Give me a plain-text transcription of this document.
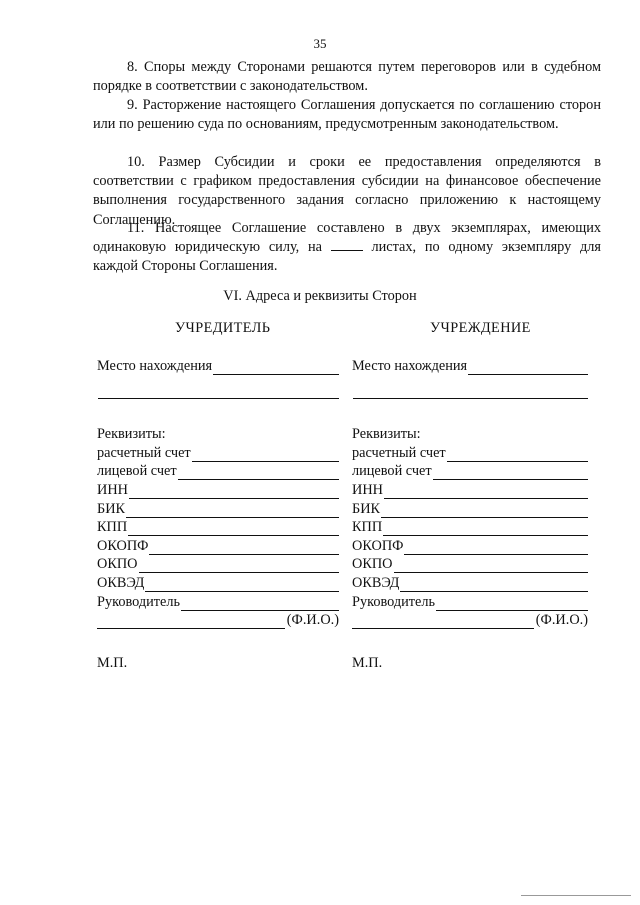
35

8. Споры между Сторонами решаются путем переговоров или в судебном порядке в соответствии с законодательством.

9. Расторжение настоящего Соглашения допускается по соглашению сторон или по решению суда по основаниям, предусмотренным законодательством.

10. Размер Субсидии и сроки ее предоставления определяются в соответствии с графиком предоставления субсидии на финансовое обеспечение выполнения государственного задания согласно приложению к настоящему Соглашению.

11. Настоящее Соглашение составлено в двух экземплярах, имеющих одинаковую юридическую силу, на	листах, по одному экземпляру для каждой Стороны Соглашения.

VI. Адреса и реквизиты Сторон
УЧРЕДИТЕЛЬ	УЧРЕЖДЕНИЕ
Место нахождения
Реквизиты:
расчетный счет
лицевой счет
ИНН
БИК
КПП
ОКОПФ
ОКПО
ОКВЭД
Руководитель
(Ф.И.О.)
М.П.
Место нахождения
Реквизиты:
расчетный счет
лицевой счет
ИНН
БИК
КПП
ОКОПФ
ОКПО
ОКВЭД
Руководитель
(Ф.И.О.)
М.П.
